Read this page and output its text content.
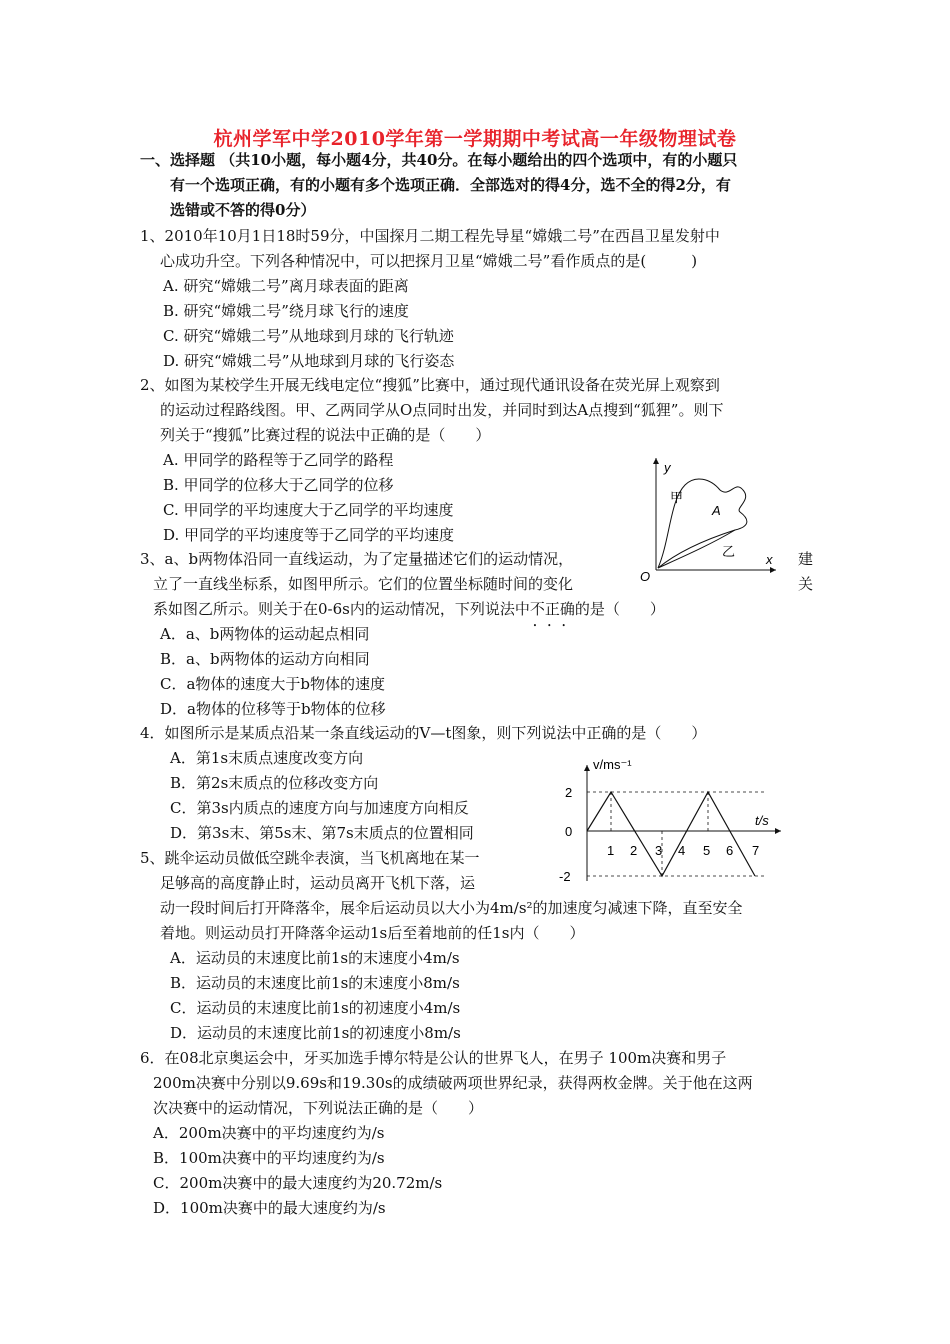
杭州学军中学2010学年第一学期期中考试高一年级物理试卷
一、选择题 （共10小题，每小题4分，共40分。在每小题给出的四个选项中，有的小题只
有一个选项正确，有的小题有多个选项正确．全部选对的得4分，选不全的得2分，有
选错或不答的得0分）
1、2010年10月1日18时59分，中国探月二期工程先导星“嫦娥二号”在西昌卫星发射中
心成功升空。下列各种情况中，可以把探月卫星“嫦娥二号”看作质点的是(　　　)
A. 研究“嫦娥二号”离月球表面的距离
B. 研究“嫦娥二号”绕月球飞行的速度
C. 研究“嫦娥二号”从地球到月球的飞行轨迹
D. 研究“嫦娥二号”从地球到月球的飞行姿态
2、如图为某校学生开展无线电定位“搜狐”比赛中，通过现代通讯设备在荧光屏上观察到
的运动过程路线图。甲、乙两同学从O点同时出发，并同时到达A点搜到“狐狸”。则下
列关于“搜狐”比赛过程的说法中正确的是（　　）
A. 甲同学的路程等于乙同学的路程
B. 甲同学的位移大于乙同学的位移
C. 甲同学的平均速度大于乙同学的平均速度
D. 甲同学的平均速度等于乙同学的平均速度
y
x
O
A
甲
乙
3、a、b两物体沿同一直线运动，为了定量描述它们的运动情况，	建
立了一直线坐标系，如图甲所示。它们的位置坐标随时间的变化	关
系如图乙所示。则关于在0-6s内的运动情况，下列说法中不正确 • • •的是（　　）
A．a、b两物体的运动起点相同
B．a、b两物体的运动方向相同
C．a物体的速度大于b物体的速度
D．a物体的位移等于b物体的位移
4．如图所示是某质点沿某一条直线运动的V—t图象，则下列说法中正确的是（　　）
A．第1s末质点速度改变方向
B．第2s末质点的位移改变方向
C．第3s内质点的速度方向与加速度方向相反
D．第3s末、第5s末、第7s末质点的位置相同
v/ms⁻¹
t/s
2
0
-2
1 2 3 4 5 6 7
5、跳伞运动员做低空跳伞表演，当飞机离地在某一
足够高的高度静止时，运动员离开飞机下落，运
动一段时间后打开降落伞，展伞后运动员以大小为4m/s²的加速度匀减速下降，直至安全
着地。则运动员打开降落伞运动1s后至着地前的任1s内（　　）
A．运动员的末速度比前1s的末速度小4m/s
B．运动员的末速度比前1s的末速度小8m/s
C．运动员的末速度比前1s的初速度小4m/s
D．运动员的末速度比前1s的初速度小8m/s
6．在08北京奥运会中，牙买加选手博尔特是公认的世界飞人，在男子 100m决赛和男子
200m决赛中分别以9.69s和19.30s的成绩破两项世界纪录，获得两枚金牌。关于他在这两
次决赛中的运动情况，下列说法正确的是（　　）
A．200m决赛中的平均速度约为/s
B．100m决赛中的平均速度约为/s
C．200m决赛中的最大速度约为20.72m/s
D．100m决赛中的最大速度约为/s
